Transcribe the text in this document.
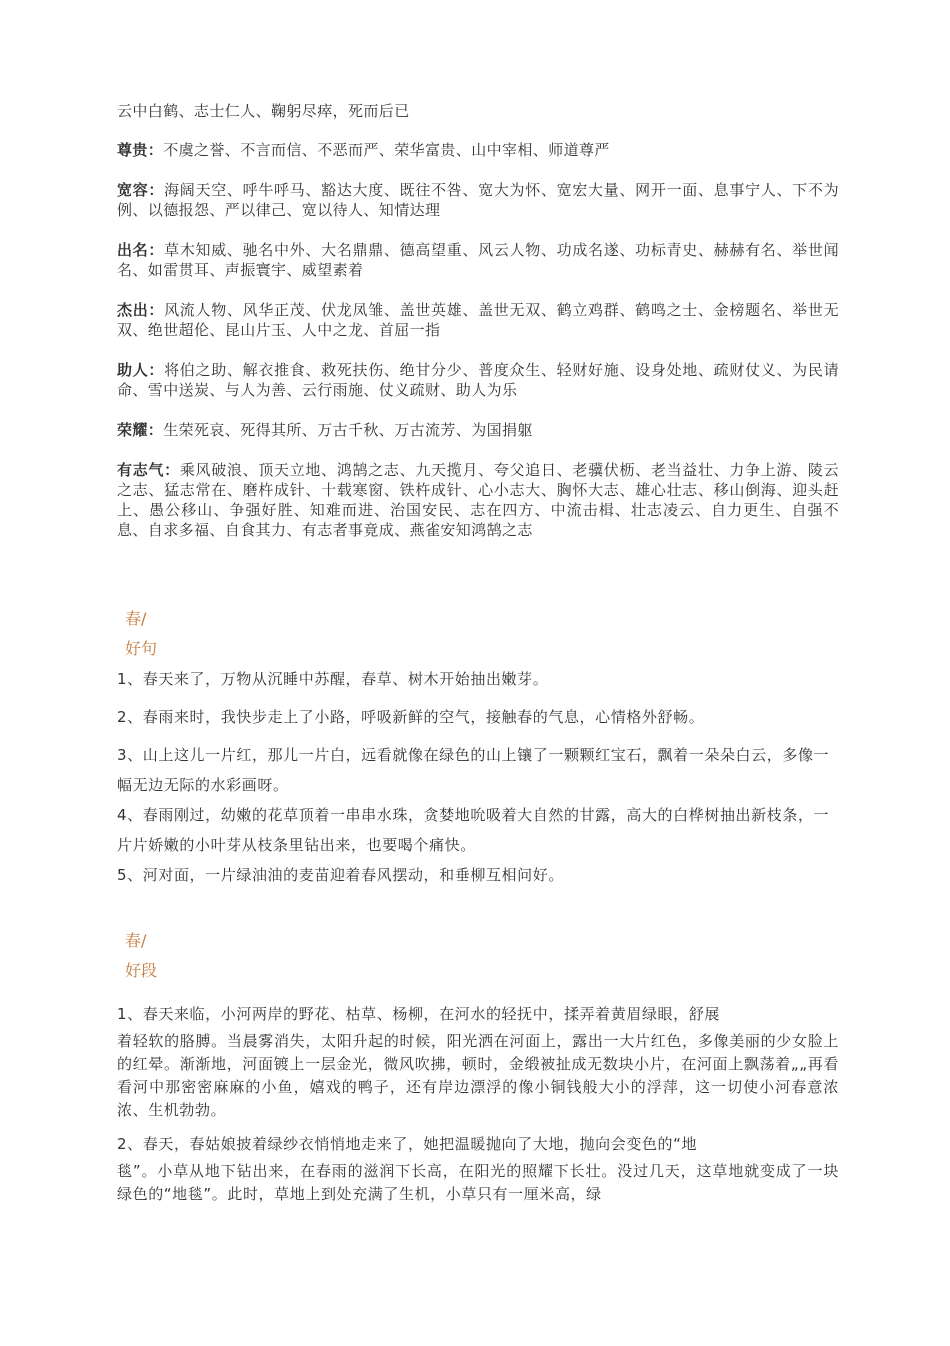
云中白鹤、志士仁人、鞠躬尽瘁，死而后已

尊贵：不虞之誉、不言而信、不恶而严、荣华富贵、山中宰相、师道尊严
宽容：海阔天空、呼牛呼马、豁达大度、既往不咎、宽大为怀、宽宏大量、网开一面、息事宁人、下不为例、以德报怨、严以律己、宽以待人、知情达理
出名：草木知威、驰名中外、大名鼎鼎、德高望重、风云人物、功成名遂、功标青史、赫赫有名、举世闻名、如雷贯耳、声振寰宇、威望素着
杰出：风流人物、风华正茂、伏龙凤雏、盖世英雄、盖世无双、鹤立鸡群、鹤鸣之士、金榜题名、举世无双、绝世超伦、昆山片玉、人中之龙、首屈一指
助人：将伯之助、解衣推食、救死扶伤、绝甘分少、普度众生、轻财好施、设身处地、疏财仗义、为民请命、雪中送炭、与人为善、云行雨施、仗义疏财、助人为乐
荣耀：生荣死哀、死得其所、万古千秋、万古流芳、为国捐躯
有志气：乘风破浪、顶天立地、鸿鹄之志、九天揽月、夸父追日、老骥伏枥、老当益壮、力争上游、陵云之志、猛志常在、磨杵成针、十载寒窗、铁杵成针、心小志大、胸怀大志、雄心壮志、移山倒海、迎头赶上、愚公移山、争强好胜、知难而进、治国安民、志在四方、中流击楫、壮志凌云、自力更生、自强不息、自求多福、自食其力、有志者事竟成、燕雀安知鸿鹄之志
春/
好句

1、春天来了，万物从沉睡中苏醒，春草、树木开始抽出嫩芽。

2、春雨来时，我快步走上了小路，呼吸新鲜的空气，接触春的气息，心情格外舒畅。

3、山上这儿一片红，那儿一片白，远看就像在绿色的山上镶了一颗颗红宝石，飘着一朵朵白云，多像一幅无边无际的水彩画呀。

4、春雨刚过，幼嫩的花草顶着一串串水珠，贪婪地吮吸着大自然的甘露，高大的白桦树抽出新枝条，一片片娇嫩的小叶芽从枝条里钻出来，也要喝个痛快。

5、河对面，一片绿油油的麦苗迎着春风摆动，和垂柳互相问好。

春/
好段

1、春天来临，小河两岸的野花、枯草、杨柳，在河水的轻抚中，揉弄着黄眉绿眼，舒展
着轻软的胳膊。当晨雾消失，太阳升起的时候，阳光洒在河面上，露出一大片红色，多像美丽的少女脸上的红晕。渐渐地，河面镀上一层金光，微风吹拂，顿时，金缎被扯成无数块小片，在河面上飘荡着„„再看看河中那密密麻麻的小鱼，嬉戏的鸭子，还有岸边漂浮的像小铜钱般大小的浮萍，这一切使小河春意浓浓、生机勃勃。

2、春天，春姑娘披着绿纱衣悄悄地走来了，她把温暖抛向了大地，抛向会变色的“地
毯”。小草从地下钻出来，在春雨的滋润下长高，在阳光的照耀下长壮。没过几天，这草地就变成了一块绿色的“地毯”。此时，草地上到处充满了生机，小草只有一厘米高，绿
